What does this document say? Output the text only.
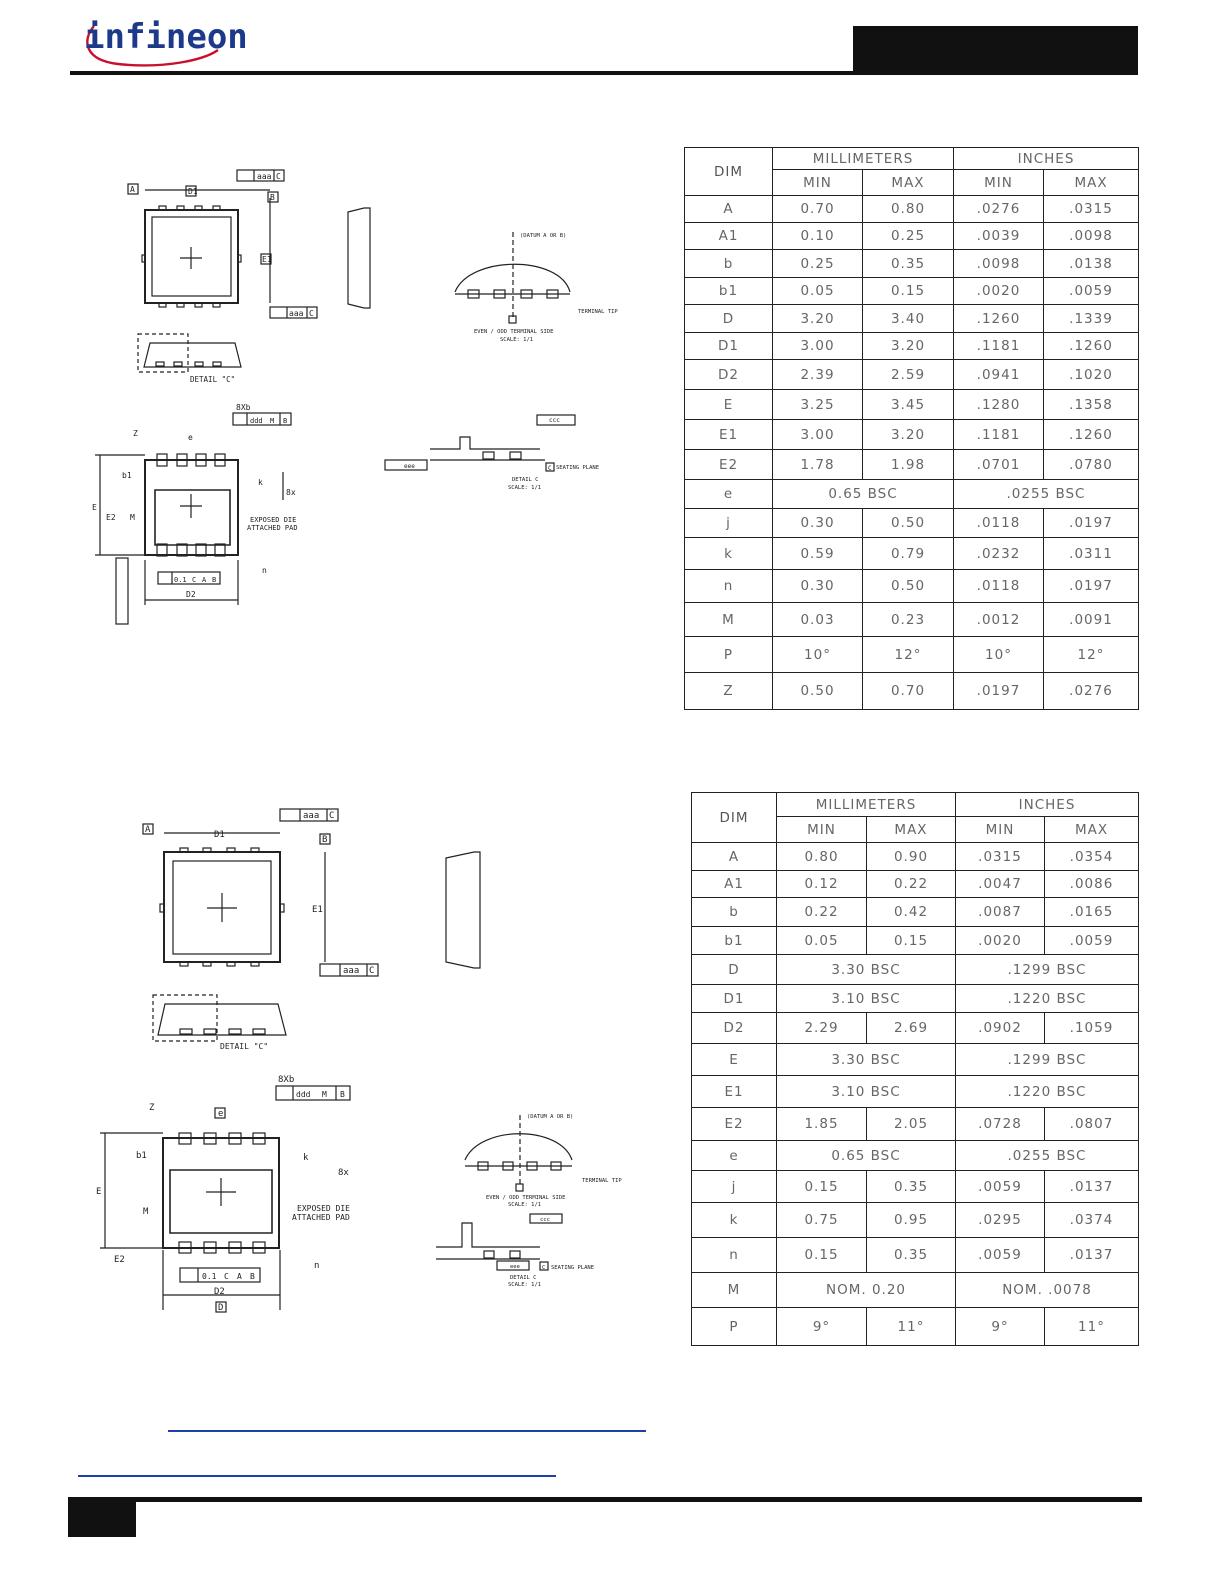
infineon
A	D1
B
E1
aaa C
aaa C
DETAIL "C"
(DATUM A OR B)
TERMINAL TIP
EVEN / ODD TERMINAL SIDE
SCALE: 1/1
SEATING PLANE
DETAIL C
SCALE: 1/1
ccc
eee	C
8Xb
ddd M B
Z	e
b1
k
8x
EXPOSED DIE
ATTACHED PAD
E
E2 M
D2
0.1 C A B
n
A	D1	B
E1
aaa C
aaa C
DETAIL "C"
8Xb
ddd M B
Z
e
b1	k
8x
EXPOSED DIE
ATTACHED PAD
E
E2
M
D2
D
0.1 C A B
n
(DATUM A OR B)
TERMINAL TIP
EVEN / ODD TERMINAL SIDE
SCALE: 1/1
SEATING PLANE
DETAIL C
SCALE: 1/1
ccc
eee	C
DIM	MILLIMETERS		INCHES	
	MIN	MAX	MIN	MAX
A	0.70	0.80	.0276	.0315
A1	0.10	0.25	.0039	.0098
b	0.25	0.35	.0098	.0138
b1	0.05	0.15	.0020	.0059
D	3.20	3.40	.1260	.1339
D1	3.00	3.20	.1181	.1260
D2	2.39	2.59	.0941	.1020
E	3.25	3.45	.1280	.1358
E1	3.00	3.20	.1181	.1260
E2	1.78	1.98	.0701	.0780
e	0.65 BSC		.0255 BSC	
j	0.30	0.50	.0118	.0197
k	0.59	0.79	.0232	.0311
n	0.30	0.50	.0118	.0197
M	0.03	0.23	.0012	.0091
P	10°	12°	10°	12°
Z	0.50	0.70	.0197	.0276
DIM	MILLIMETERS		INCHES	
	MIN	MAX	MIN	MAX
A	0.80	0.90	.0315	.0354
A1	0.12	0.22	.0047	.0086
b	0.22	0.42	.0087	.0165
b1	0.05	0.15	.0020	.0059
D	3.30 BSC		.1299 BSC	
D1	3.10 BSC		.1220 BSC	
D2	2.29	2.69	.0902	.1059
E	3.30 BSC		.1299 BSC	
E1	3.10 BSC		.1220 BSC	
E2	1.85	2.05	.0728	.0807
e	0.65 BSC		.0255 BSC	
j	0.15	0.35	.0059	.0137
k	0.75	0.95	.0295	.0374
n	0.15	0.35	.0059	.0137
M	NOM. 0.20		NOM. .0078	
P	9°	11°	9°	11°
